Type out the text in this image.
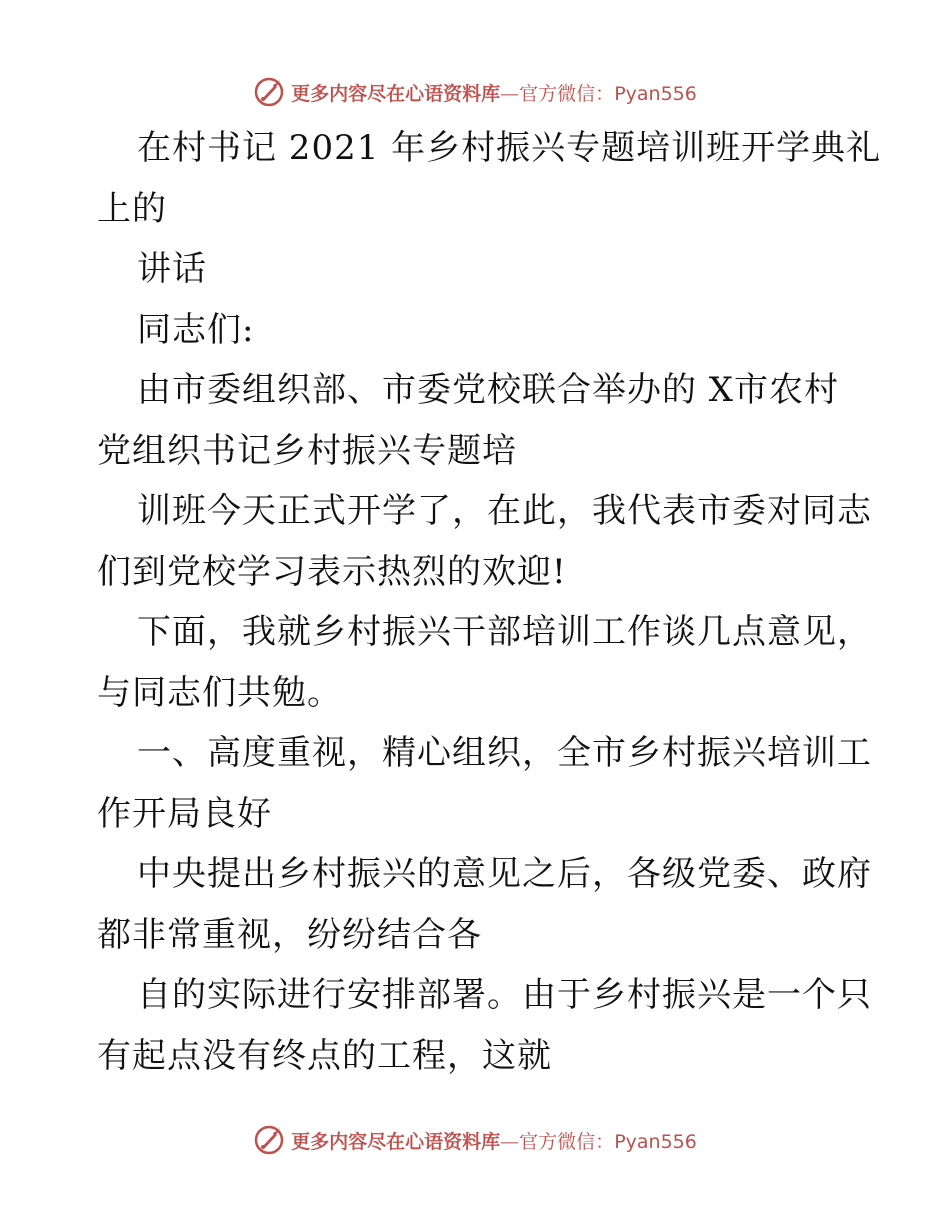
更多内容尽在心语资料库—官方微信：Pyan556

在村书记 2021 年乡村振兴专题培训班开学典礼

上的

讲话

同志们:

由市委组织部、市委党校联合举办的 X市农村

党组织书记乡村振兴专题培

训班今天正式开学了，在此，我代表市委对同志

们到党校学习表示热烈的欢迎!

下面，我就乡村振兴干部培训工作谈几点意见，

与同志们共勉。

一、高度重视，精心组织，全市乡村振兴培训工

作开局良好

中央提出乡村振兴的意见之后，各级党委、政府

都非常重视，纷纷结合各

自的实际进行安排部署。由于乡村振兴是一个只

有起点没有终点的工程，这就

更多内容尽在心语资料库—官方微信：Pyan556
